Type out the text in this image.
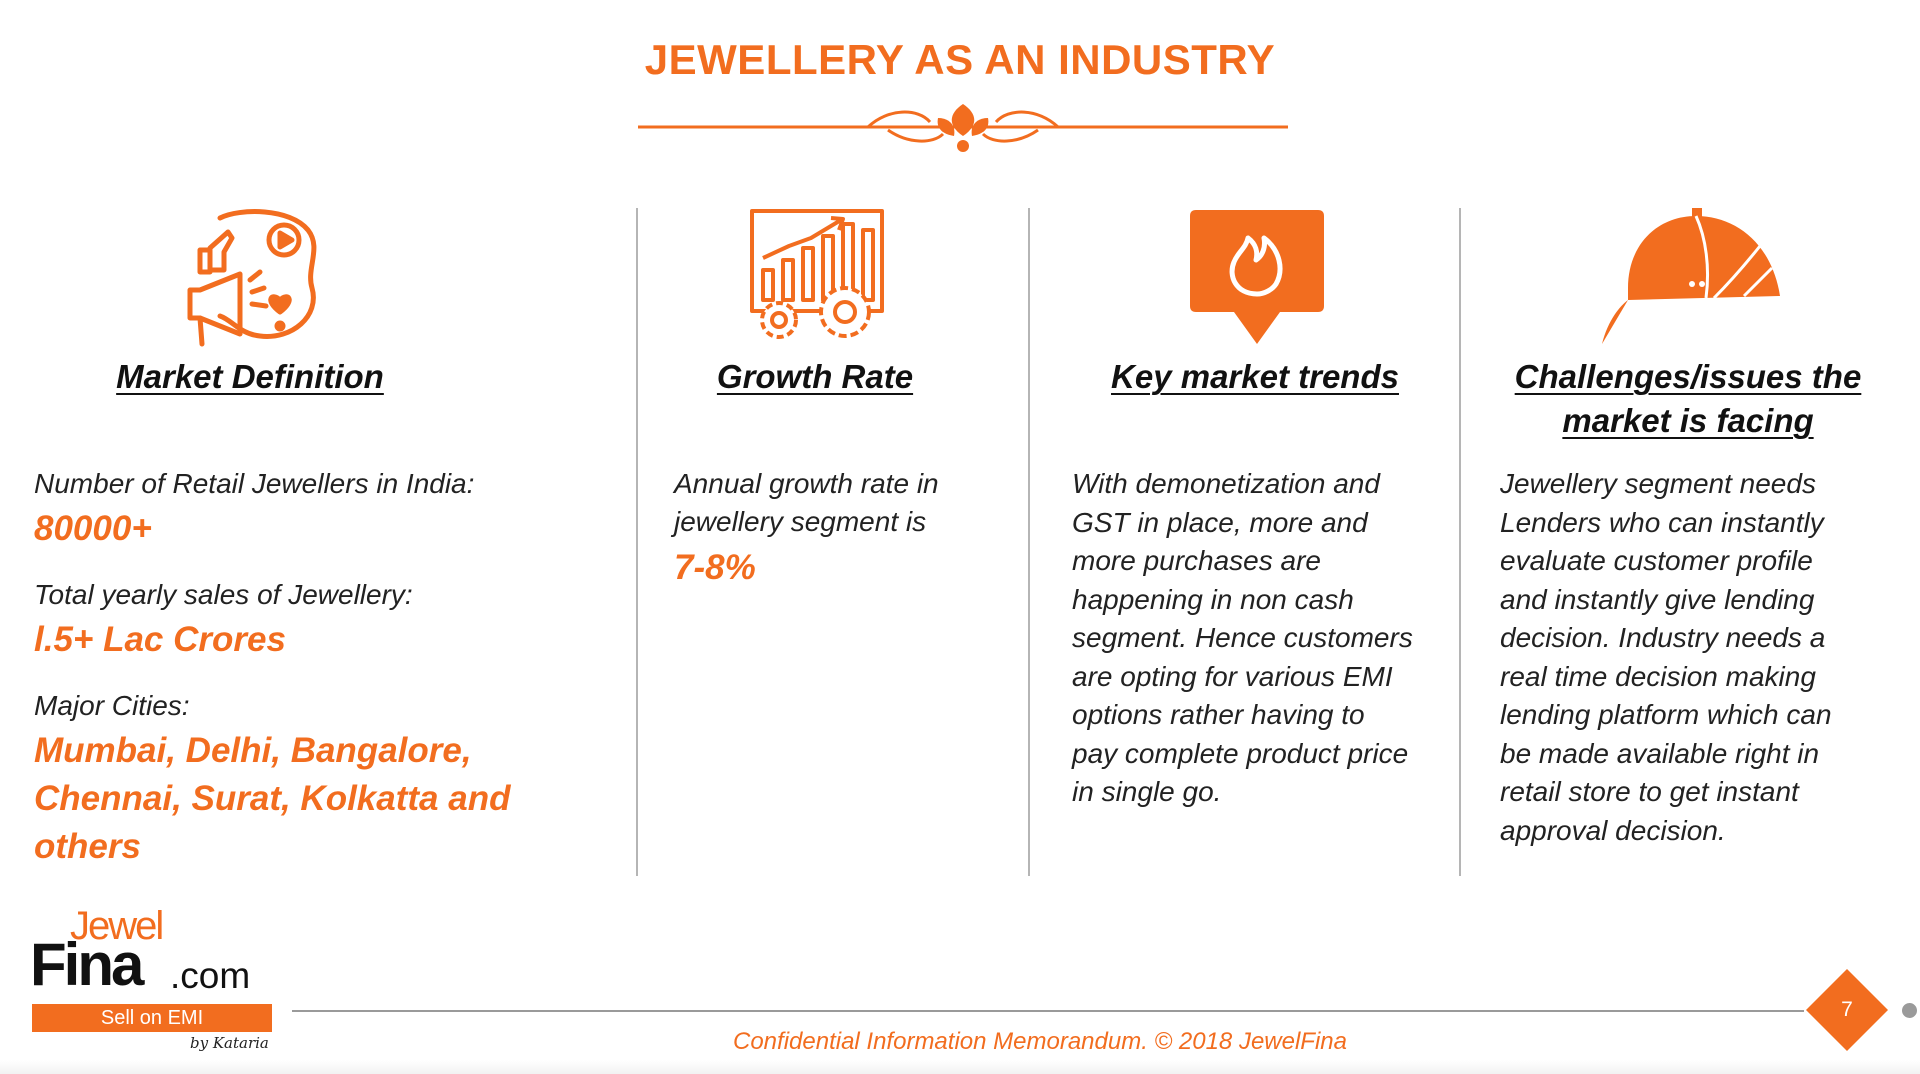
JEWELLERY AS AN INDUSTRY
Market Definition
Number of Retail Jewellers in India:
80000+
Total yearly sales of Jewellery:
l.5+ Lac Crores
Major Cities:
Mumbai, Delhi, Bangalore,
Chennai, Surat, Kolkatta and
others
Growth Rate
Annual growth rate in
jewellery segment is
7-8%
Key market trends
With demonetization and
GST in place, more and
more purchases are
happening in non cash
segment. Hence customers
are opting for various EMI
options rather having to
pay complete product price
in single go.
Challenges/issues the
market is facing
Jewellery segment needs
Lenders who can instantly
evaluate customer profile
and instantly give lending
decision. Industry needs a
real time decision making
lending platform which can
be made available right in
retail store to get instant
approval decision.
Jewel
Fina .com
Sell on EMI
by Kataria
7
Confidential Information Memorandum. © 2018 JewelFina
